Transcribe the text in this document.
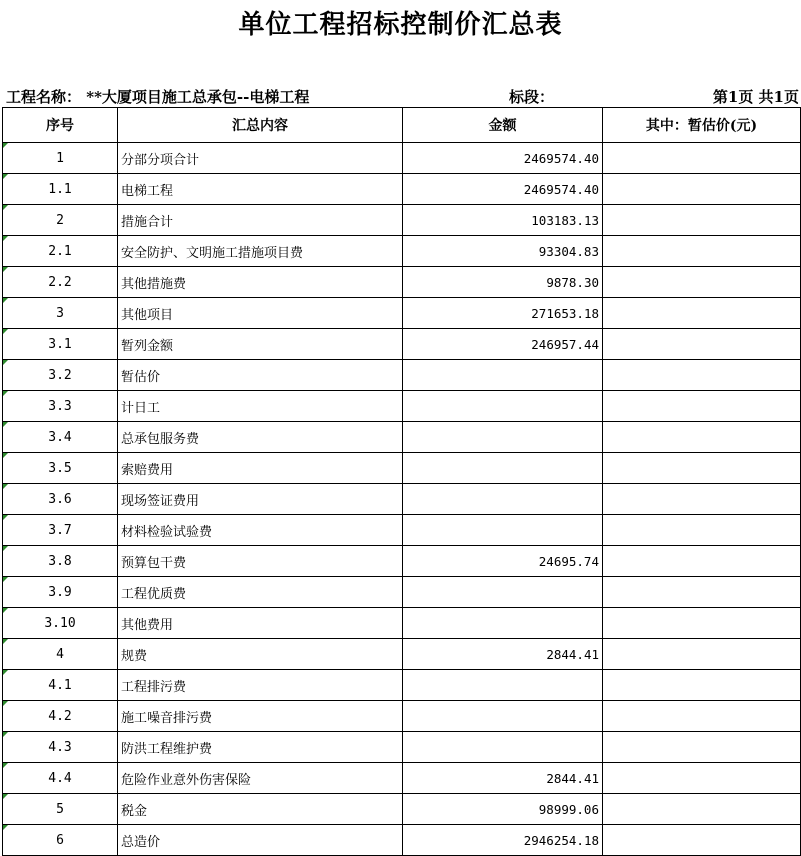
单位工程招标控制价汇总表
工程名称： **大厦项目施工总承包--电梯工程	标段：	第1页 共1页
序号	汇总内容	金额	其中：暂估价(元)
1	分部分项合计	2469574.40	
1.1	电梯工程	2469574.40	
2	措施合计	103183.13	
2.1	安全防护、文明施工措施项目费	93304.83	
2.2	其他措施费	9878.30	
3	其他项目	271653.18	
3.1	暂列金额	246957.44	
3.2	暂估价		
3.3	计日工		
3.4	总承包服务费		
3.5	索赔费用		
3.6	现场签证费用		
3.7	材料检验试验费		
3.8	预算包干费	24695.74	
3.9	工程优质费		
3.10	其他费用		
4	规费	2844.41	
4.1	工程排污费		
4.2	施工噪音排污费		
4.3	防洪工程维护费		
4.4	危险作业意外伤害保险	2844.41	
5	税金	98999.06	
6	总造价	2946254.18	
